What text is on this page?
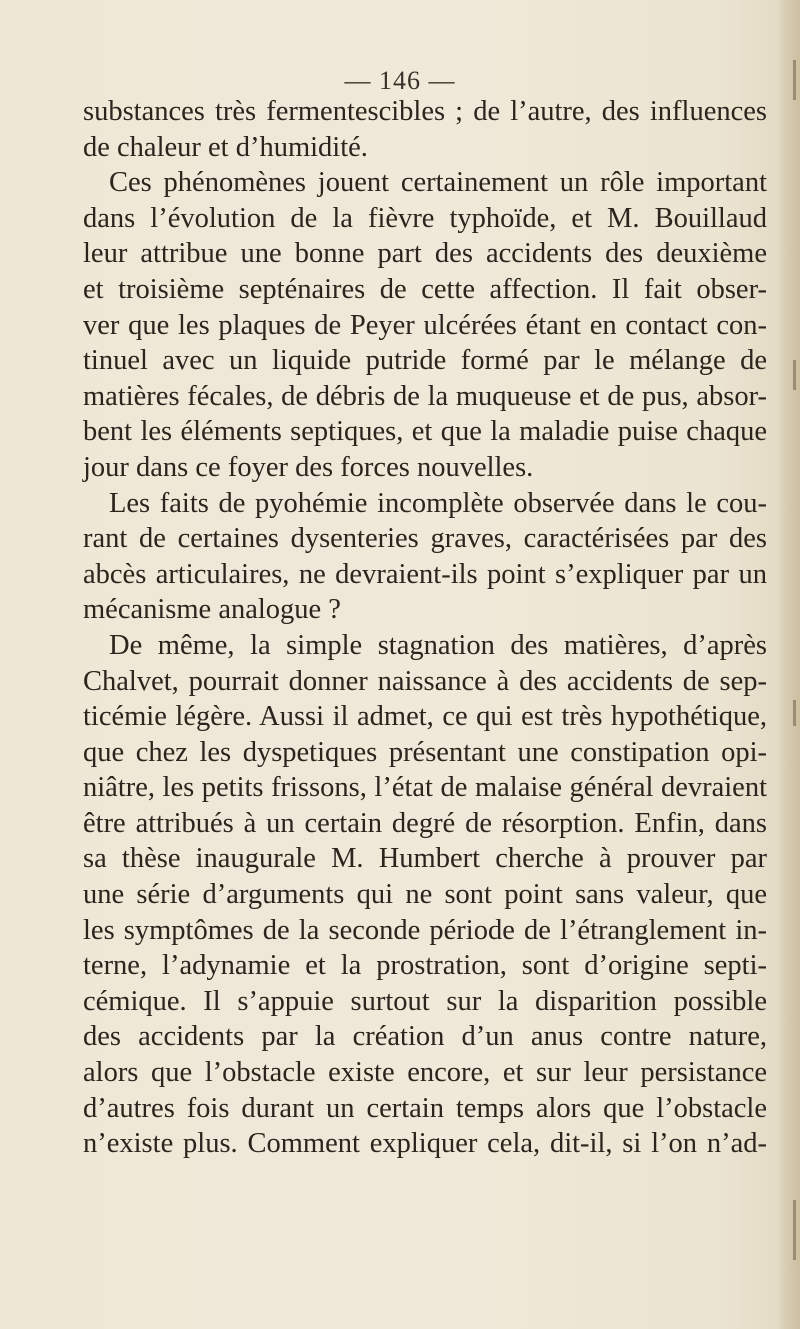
— 146 —
substances très fermentescibles ; de l’autre, des influences
de chaleur et d’humidité.
Ces phénomènes jouent certainement un rôle important
dans l’évolution de la fièvre typhoïde, et M. Bouillaud
leur attribue une bonne part des accidents des deuxième
et troisième septénaires de cette affection. Il fait obser-
ver que les plaques de Peyer ulcérées étant en contact con-
tinuel avec un liquide putride formé par le mélange de
matières fécales, de débris de la muqueuse et de pus, absor-
bent les éléments septiques, et que la maladie puise chaque
jour dans ce foyer des forces nouvelles.
Les faits de pyohémie incomplète observée dans le cou-
rant de certaines dysenteries graves, caractérisées par des
abcès articulaires, ne devraient-ils point s’expliquer par un
mécanisme analogue ?
De même, la simple stagnation des matières, d’après
Chalvet, pourrait donner naissance à des accidents de sep-
ticémie légère. Aussi il admet, ce qui est très hypothétique,
que chez les dyspetiques présentant une constipation opi-
niâtre, les petits frissons, l’état de malaise général devraient
être attribués à un certain degré de résorption. Enfin, dans
sa thèse inaugurale M. Humbert cherche à prouver par
une série d’arguments qui ne sont point sans valeur, que
les symptômes de la seconde période de l’étranglement in-
terne, l’adynamie et la prostration, sont d’origine septi-
cémique. Il s’appuie surtout sur la disparition possible
des accidents par la création d’un anus contre nature,
alors que l’obstacle existe encore, et sur leur persistance
d’autres fois durant un certain temps alors que l’obstacle
n’existe plus. Comment expliquer cela, dit-il, si l’on n’ad-
